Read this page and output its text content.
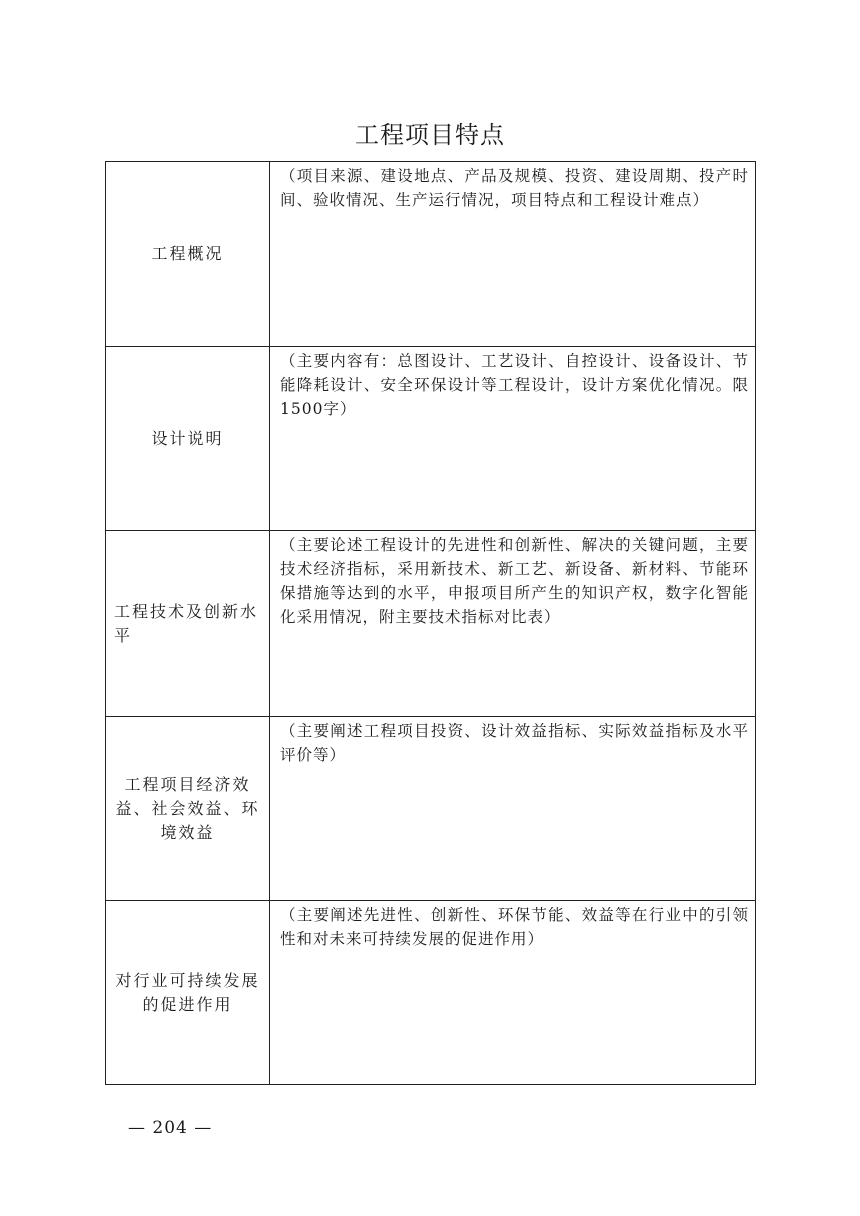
工程项目特点
工程概况	（项目来源、建设地点、产品及规模、投资、建设周期、投产时间、验收情况、生产运行情况，项目特点和工程设计难点）
设计说明	（主要内容有：总图设计、工艺设计、自控设计、设备设计、节能降耗设计、安全环保设计等工程设计，设计方案优化情况。限1500字）
工程技术及创新水平	（主要论述工程设计的先进性和创新性、解决的关键问题，主要技术经济指标，采用新技术、新工艺、新设备、新材料、节能环保措施等达到的水平，申报项目所产生的知识产权，数字化智能化采用情况，附主要技术指标对比表）
工程项目经济效益、社会效益、环境效益	（主要阐述工程项目投资、设计效益指标、实际效益指标及水平评价等）
对行业可持续发展的促进作用	（主要阐述先进性、创新性、环保节能、效益等在行业中的引领性和对未来可持续发展的促进作用）
— 204 —
